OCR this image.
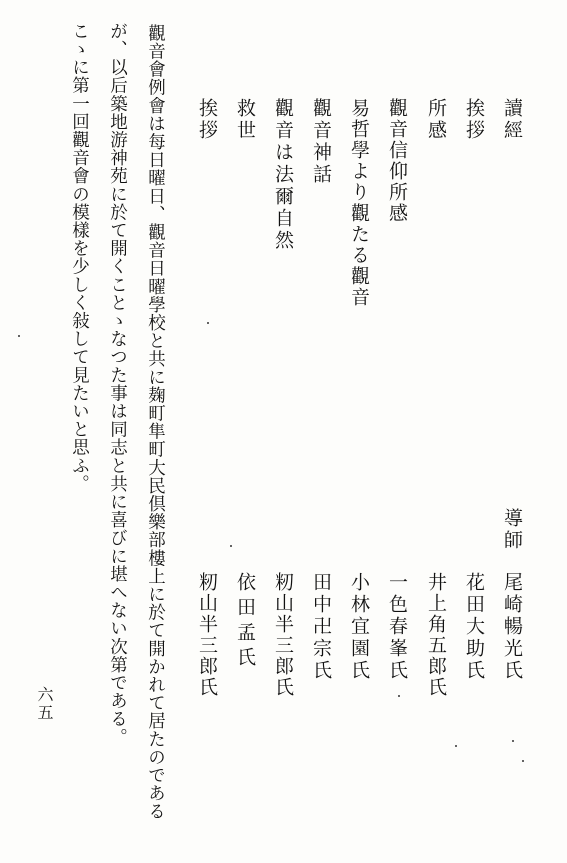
讀經
挨拶
所感
觀音信仰所感
易哲學より觀たる觀音
觀音神話
觀音は法爾自然
救世
挨拶
導師
尾崎暢光氏
花田大助氏
井上角五郎氏
一色春峯氏
小林宜園氏
田中卍宗氏
籾山半三郎氏
依田孟氏
籾山半三郎氏
觀音會例會は每日曜日、觀音日曜學校と共に麹町隼町大民倶樂部樓上に於て開かれて居たのである
が、以后築地游神苑に於て開くことゝなつた事は同志と共に喜びに堪へない次第である。
こゝに第一回觀音會の模樣を少しく敍して見たいと思ふ。
六五
